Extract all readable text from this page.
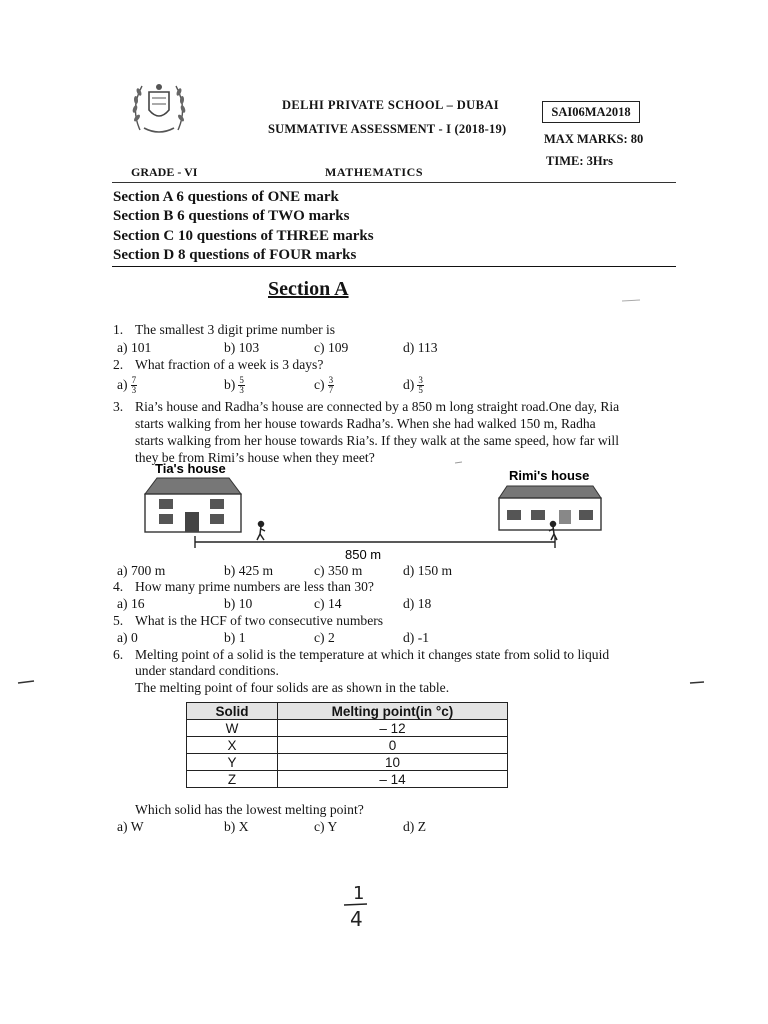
DELHI PRIVATE SCHOOL – DUBAI
SUMMATIVE ASSESSMENT - I (2018-19)
SAI06MA2018
MAX MARKS: 80
TIME: 3Hrs
GRADE - VI	MATHEMATICS
Section A 6 questions of ONE mark
Section B 6 questions of TWO marks
Section C 10 questions of THREE marks
Section D 8 questions of FOUR marks
Section A
1. The smallest 3 digit prime number is
a) 101	b) 103	c) 109	d) 113
2. What fraction of a week is 3 days?
$a) \frac{7}{3}$	$b) \frac{5}{3}$	$c) \frac{3}{7}$	$d) \frac{3}{5}$
3. Ria’s house and Radha’s house are connected by a 850 m long straight road.One day, Ria
starts walking from her house towards Radha’s. When she had walked 150 m, Radha
starts walking from her house towards Ria’s. If they walk at the same speed, how far will
they be from Rimi’s house when they meet?
Tia's house	Rimi's house
850 m
a) 700 m	b) 425 m	c) 350 m	d) 150 m
4. How many prime numbers are less than 30?
a) 16	b) 10	c) 14	d) 18
5. What is the HCF of two consecutive numbers
a) 0	b) 1	c) 2	d) -1
6. Melting point of a solid is the temperature at which it changes state from solid to liquid
under standard conditions.
The melting point of four solids are as shown in the table.
Solid	Melting point(in °c)
W	– 12
X	0
Y	10
Z	– 14
Which solid has the lowest melting point?
a) W	b) X	c) Y	d) Z
1
4
